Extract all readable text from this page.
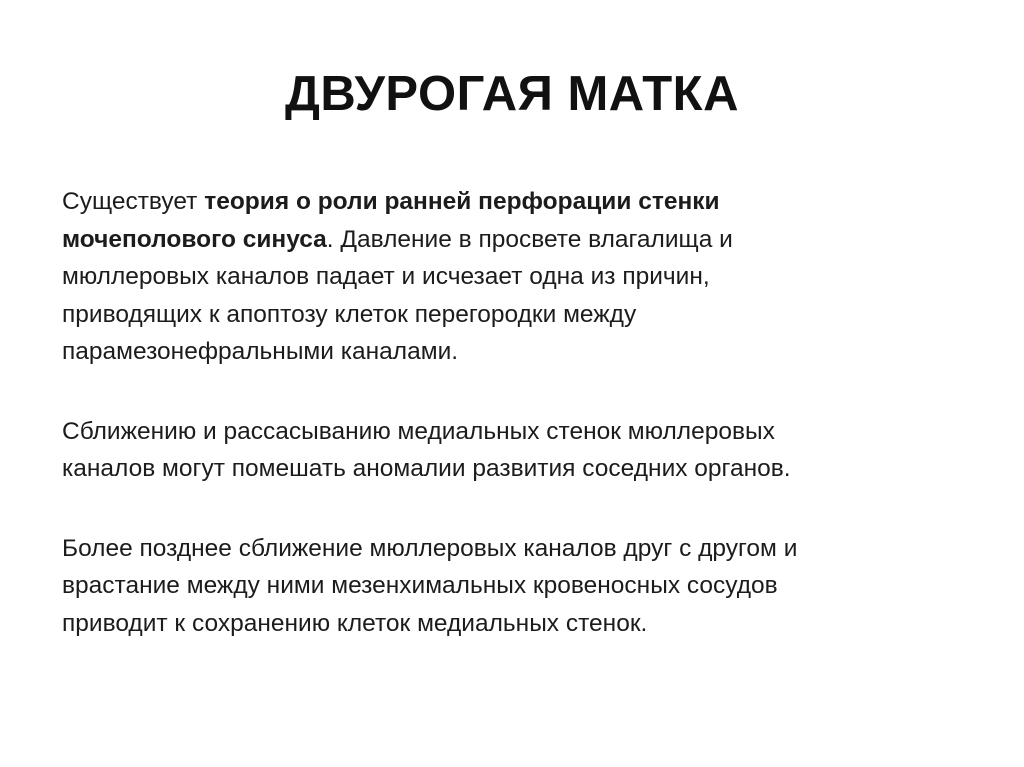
ДВУРОГАЯ МАТКА

Существует теория о роли ранней перфорации стенки
мочеполового синуса. Давление в просвете влагалища и
мюллеровых каналов падает и исчезает одна из причин,
приводящих к апоптозу клеток перегородки между
парамезонефральными каналами.

Сближению и рассасыванию медиальных стенок мюллеровых
каналов могут помешать аномалии развития соседних органов.

Более позднее сближение мюллеровых каналов друг с другом и
врастание между ними мезенхимальных кровеносных сосудов
приводит к сохранению клеток медиальных стенок.
